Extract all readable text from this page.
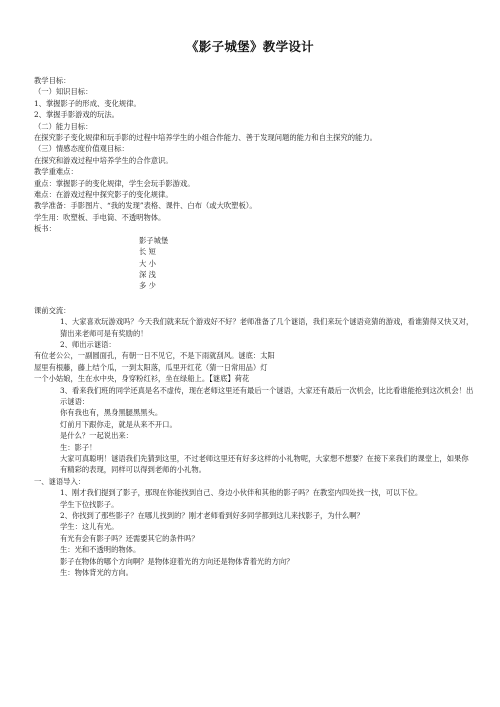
《影子城堡》教学设计
教学目标：
（一）知识目标：
1、掌握影子的形成、变化规律。
2、掌握手影游戏的玩法。
（二）能力目标：
在探究影子变化规律和玩手影的过程中培养学生的小组合作能力、善于发现问题的能力和自主探究的能力。
（三）情感态度价值观目标：
在探究和游戏过程中培养学生的合作意识。
教学重难点：
重点：掌握影子的变化规律，学生会玩手影游戏。
难点：在游戏过程中探究影子的变化规律。
教学准备：手影图片、“我的发现”表格、课件、白布（或大吹塑板）。
学生用：吹塑板、手电筒、不透明物体。
板书：
影子城堡
长 短
大 小
深 浅
多 少
课前交流：
1、大家喜欢玩游戏吗？今天我们就来玩个游戏好不好？老师准备了几个谜语，我们来玩个谜语竞猜的游戏，看谁猜得又快又对，猜出来老师可是有奖励的！
2、师出示谜语：
有位老公公，一副圆面孔，有朝一日不见它，不是下雨就刮风。谜底：太阳
屋里有根藤，藤上结个瓜，一到太阳落，瓜里开红花（猜一日常用品）灯
一个小姑娘，生在水中央，身穿粉红衫，坐在绿船上。【谜底】荷花
3、看来我们班的同学还真是名不虚传，现在老师这里还有最后一个谜语，大家还有最后一次机会，比比看谁能抢到这次机会！出示谜语：
你有我也有，黑身黑腿黑黑头。
灯前月下跟你走，就是从来不开口。
是什么？一起说出来：
生：影子！
大家可真聪明！谜语我们先猜到这里，不过老师这里还有好多这样的小礼物呢，大家想不想要？在接下来我们的课堂上，如果你有精彩的表现，同样可以得到老师的小礼物。
一、谜语导入：
1、刚才我们提到了影子，那现在你能找到自己、身边小伙伴和其他的影子吗？在教室内四处找一找，可以下位。
学生下位找影子。
2、你找到了那些影子？在哪儿找到的？刚才老师看到好多同学都到这儿来找影子，为什么啊？
学生：这儿有光。
有光有会有影子吗？还需要其它的条件吗？
生：光和不透明的物体。
影子在物体的哪个方向啊？是物体迎着光的方向还是物体背着光的方向？
生：物体背光的方向。
